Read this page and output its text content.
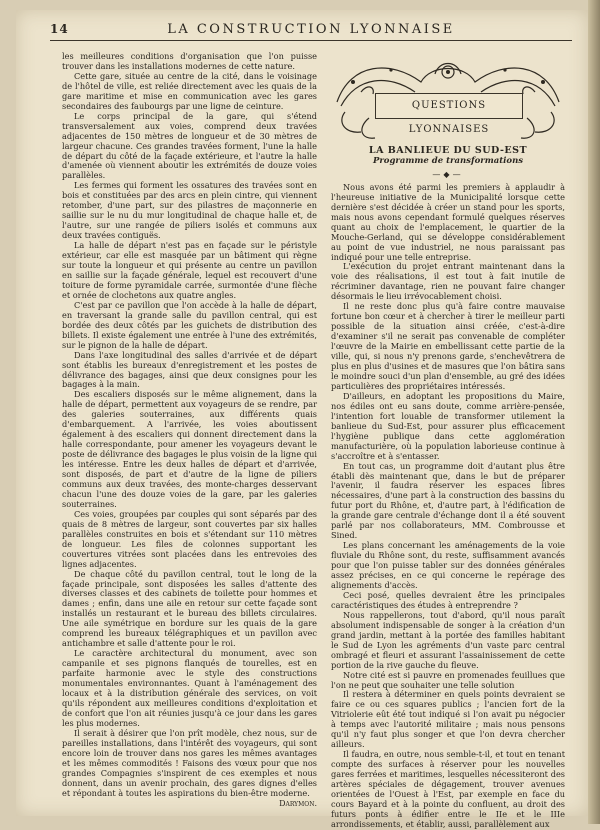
14	LA CONSTRUCTION LYONNAISE

les meilleures conditions d'organisation que l'on puisse trouver dans les installations modernes de cette nature.

Cette gare, située au centre de la cité, dans le voisinage de l'hôtel de ville, est reliée directement avec les quais de la gare maritime et mise en communication avec les gares secondaires des faubourgs par une ligne de ceinture.

Le corps principal de la gare, qui s'étend transversalement aux voies, comprend deux travées adjacentes de 150 mètres de longueur et de 30 mètres de largeur chacune. Ces grandes travées forment, l'une la halle de départ du côté de la façade extérieure, et l'autre la halle d'amenée où viennent aboutir les extrémités de douze voies parallèles.

Les fermes qui forment les ossatures des travées sont en bois et constituées par des arcs en plein cintre, qui viennent retomber, d'une part, sur des pilastres de maçonnerie en saillie sur le nu du mur longitudinal de chaque halle et, de l'autre, sur une rangée de piliers isolés et communs aux deux travées contiguës.

La halle de départ n'est pas en façade sur le péristyle extérieur, car elle est masquée par un bâtiment qui règne sur toute la longueur et qui présente au centre un pavillon en saillie sur la façade générale, lequel est recouvert d'une toiture de forme pyramidale carrée, surmontée d'une flèche et ornée de clochetons aux quatre angles.

C'est par ce pavillon que l'on accède à la halle de départ, en traversant la grande salle du pavillon central, qui est bordée des deux côtés par les guichets de distribution des billets. Il existe également une entrée à l'une des extrémités, sur le pignon de la halle de départ.

Dans l'axe longitudinal des salles d'arrivée et de départ sont établis les bureaux d'enregistrement et les postes de délivrance des bagages, ainsi que deux consignes pour les bagages à la main.

Des escaliers disposés sur le même alignement, dans la halle de départ, permettent aux voyageurs de se rendre, par des galeries souterraines, aux différents quais d'embarquement. A l'arrivée, les voies aboutissent également à des escaliers qui donnent directement dans la halle correspondante, pour amener les voyageurs devant le poste de délivrance des bagages le plus voisin de la ligne qui les intéresse. Entre les deux halles de départ et d'arrivée, sont disposés, de part et d'autre de la ligne de piliers communs aux deux travées, des monte-charges desservant chacun l'une des douze voies de la gare, par les galeries souterraines.

Ces voies, groupées par couples qui sont séparés par des quais de 8 mètres de largeur, sont couvertes par six halles parallèles construites en bois et s'étendant sur 110 mètres de longueur. Les files de colonnes supportant les couvertures vitrées sont placées dans les entrevoies des lignes adjacentes.

De chaque côté du pavillon central, tout le long de la façade principale, sont disposées les salles d'attente des diverses classes et des cabinets de toilette pour hommes et dames ; enfin, dans une aile en retour sur cette façade sont installés un restaurant et le bureau des billets circulaires. Une aile symétrique en bordure sur les quais de la gare comprend les bureaux télégraphiques et un pavillon avec antichambre et salle d'attente pour le roi.

Le caractère architectural du monument, avec son campanile et ses pignons flanqués de tourelles, est en parfaite harmonie avec le style des constructions monumentales environnantes. Quant à l'aménagement des locaux et à la distribution générale des services, on voit qu'ils répondent aux meilleures conditions d'exploitation et de confort que l'on ait réunies jusqu'à ce jour dans les gares les plus modernes.

Il serait à désirer que l'on prît modèle, chez nous, sur de pareilles installations, dans l'intérêt des voyageurs, qui sont encore loin de trouver dans nos gares les mêmes avantages et les mêmes commodités ! Faisons des vœux pour que nos grandes Compagnies s'inspirent de ces exemples et nous donnent, dans un avenir prochain, des gares dignes d'elles et répondant à toutes les aspirations du bien-être moderne.

Darymon.
QUESTIONS LYONNAISES
LA BANLIEUE DU SUD-EST
Programme de transformations
—◆—

Nous avons été parmi les premiers à applaudir à l'heureuse initiative de la Municipalité lorsque cette dernière s'est décidée à créer un stand pour les sports, mais nous avons cependant formulé quelques réserves quant au choix de l'emplacement, le quartier de la Mouche-Gerland, qui se développe considérablement au point de vue industriel, ne nous paraissant pas indiqué pour une telle entreprise.

L'exécution du projet entrant maintenant dans la voie des réalisations, il est tout à fait inutile de récriminer davantage, rien ne pouvant faire changer désormais le lieu irrévocablement choisi.

Il ne reste donc plus qu'à faire contre mauvaise fortune bon cœur et à chercher à tirer le meilleur parti possible de la situation ainsi créée, c'est-à-dire d'examiner s'il ne serait pas convenable de compléter l'œuvre de la Mairie en embellissant cette partie de la ville, qui, si nous n'y prenons garde, s'enchevêtrera de plus en plus d'usines et de masures que l'on bâtira sans le moindre souci d'un plan d'ensemble, au gré des idées particulières des propriétaires intéressés.

D'ailleurs, en adoptant les propositions du Maire, nos édiles ont eu sans doute, comme arrière-pensée, l'intention fort louable de transformer utilement la banlieue du Sud-Est, pour assurer plus efficacement l'hygiène publique dans cette agglomération manufacturière, où la population laborieuse continue à s'accroître et à s'entasser.

En tout cas, un programme doit d'autant plus être établi dès maintenant que, dans le but de préparer l'avenir, il faudra réserver les espaces libres nécessaires, d'une part à la construction des bassins du futur port du Rhône, et, d'autre part, à l'édification de la grande gare centrale d'échange dont il a été souvent parlé par nos collaborateurs, MM. Combrousse et Sined.

Les plans concernant les aménagements de la voie fluviale du Rhône sont, du reste, suffisamment avancés pour que l'on puisse tabler sur des données générales assez précises, en ce qui concerne le repérage des alignements d'accès.

Ceci posé, quelles devraient être les principales caractéristiques des études à entreprendre ?

Nous rappellerons, tout d'abord, qu'il nous paraît absolument indispensable de songer à la création d'un grand jardin, mettant à la portée des familles habitant le Sud de Lyon les agréments d'un vaste parc central ombragé et fleuri et assurant l'assainissement de cette portion de la rive gauche du fleuve.

Notre cité est si pauvre en promenades feuillues que l'on ne peut que souhaiter une telle solution

Il restera à déterminer en quels points devraient se faire ce ou ces squares publics ; l'ancien fort de la Vitriolerie eût été tout indiqué si l'on avait pu négocier à temps avec l'autorité militaire ; mais nous pensons qu'il n'y faut plus songer et que l'on devra chercher ailleurs.

Il faudra, en outre, nous semble-t-il, et tout en tenant compte des surfaces à réserver pour les nouvelles gares ferrées et maritimes, lesquelles nécessiteront des artères spéciales de dégagement, trouver avenues orientées de l'Ouest à l'Est, par exemple en face du cours Bayard et à la pointe du confluent, au droit des futurs ponts à édifier entre le IIe et le IIIe arrondissements, et établir, aussi, parallèlement aux
